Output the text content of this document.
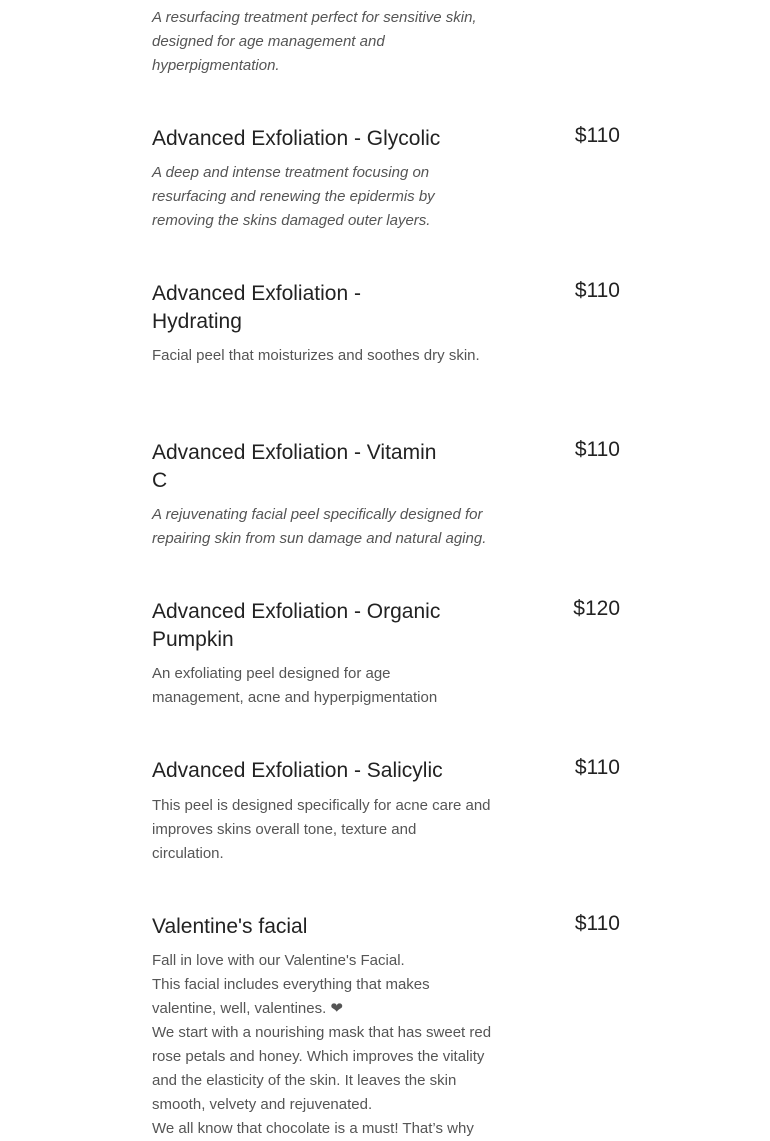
A resurfacing treatment perfect for sensitive skin, designed for age management and hyperpigmentation.

Advanced Exfoliation - Glycolic	$110

A deep and intense treatment focusing on resurfacing and renewing the epidermis by removing the skins damaged outer layers.

Advanced Exfoliation - Hydrating
$110

Facial peel that moisturizes and soothes dry skin.

Advanced Exfoliation - Vitamin C
$110

A rejuvenating facial peel specifically designed for repairing skin from sun damage and natural aging.

Advanced Exfoliation - Organic Pumpkin
$120

An exfoliating peel designed for age management, acne and hyperpigmentation

Advanced Exfoliation - Salicylic	$110

This peel is designed specifically for acne care and improves skins overall tone, texture and circulation.

Valentine's facial	$110
Fall in love with our Valentine's Facial.
This facial includes everything that makes valentine, well, valentines. ❤
We start with a nourishing mask that has sweet red rose petals and honey. Which improves the vitality and the elasticity of the skin. It leaves the skin smooth, velvety and rejuvenated.
We all know that chocolate is a must! That’s why
